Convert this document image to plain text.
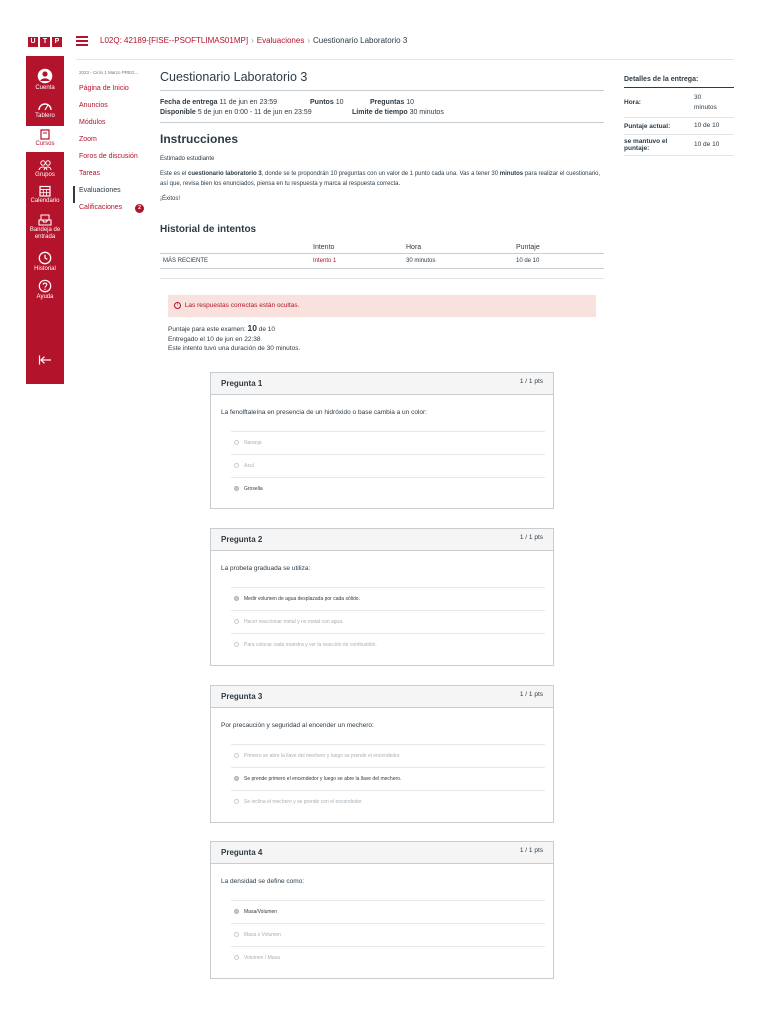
U	T	P
Cuenta
Tablero
Cursos
Grupos
Calendario
Bandeja de entrada
Historial
Ayuda
L02Q: 42189-[FISE--PSOFTLIMAS01MP] › Evaluaciones › Cuestionario Laboratorio 3
2023 - Ciclo 1 Marzo PREG...
Página de Inicio
Anuncios
Módulos
Zoom
Foros de discusión
Tareas
Evaluaciones
Calificaciones	2
Cuestionario Laboratorio 3
Fecha de entrega 11 de jun en 23:59	Puntos 10	Preguntas 10
Disponible 5 de jun en 0:00 - 11 de jun en 23:59	Límite de tiempo 30 minutos
Instrucciones

Estimado estudiante

Este es el cuestionario laboratorio 3, donde se te propondrán 10 preguntas con un valor de 1 punto cada una. Vas a tener 30 minutos para realizar el cuestionario, así que, revisa bien los enunciados, piensa en tu respuesta y marca al respuesta correcta.

¡Éxitos!

Historial de intentos
	Intento	Hora	Puntaje
MÁS RECIENTE	Intento 1	30 minutos	10 de 10
! Las respuestas correctas están ocultas.
Puntaje para este examen: 10 de 10
Entregado el 10 de jun en 22:38
Este intento tuvo una duración de 30 minutos.
Pregunta 1	1 / 1 pts
La fenolftaleína en presencia de un hidróxido o base cambia a un color:
Naranja
Azul
Grosella
Pregunta 2	1 / 1 pts
La probeta graduada se utiliza:
Medir volumen de agua desplazada por cada sólido.
Hacer reaccionar metal y no metal con agua.
Para colocar cada muestra y ver la reacción de combustión.
Pregunta 3	1 / 1 pts
Por precaución y seguridad al encender un mechero:
Primero se abre la llave del mechero y luego se prende el encendedor.
Se prende primero el encendedor y luego se abre la llave del mechero.
Se inclina el mechero y se prende con el encendedor.
Pregunta 4	1 / 1 pts
La densidad se define como:
Masa/Volumen
Masa x Volumen
Volumen / Masa
Detalles de la entrega:
Hora:
30 minutos
Puntaje actual:	10 de 10
se mantuvo el puntaje:
10 de 10
